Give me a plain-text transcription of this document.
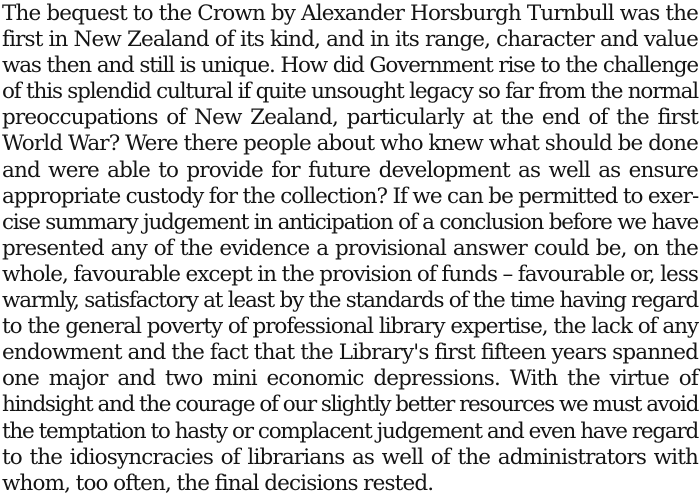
The bequest to the Crown by Alexander Horsburgh Turnbull was the
first in New Zealand of its kind, and in its range, character and value
was then and still is unique. How did Government rise to the challenge
of this splendid cultural if quite unsought legacy so far from the normal
preoccupations of New Zealand, particularly at the end of the first
World War? Were there people about who knew what should be done
and were able to provide for future development as well as ensure
appropriate custody for the collection? If we can be permitted to exer-
cise summary judgement in anticipation of a conclusion before we have
presented any of the evidence a provisional answer could be, on the
whole, favourable except in the provision of funds – favourable or, less
warmly, satisfactory at least by the standards of the time having regard
to the general poverty of professional library expertise, the lack of any
endowment and the fact that the Library's first fifteen years spanned
one major and two mini economic depressions. With the virtue of
hindsight and the courage of our slightly better resources we must avoid
the temptation to hasty or complacent judgement and even have regard
to the idiosyncracies of librarians as well of the administrators with
whom, too often, the final decisions rested.
